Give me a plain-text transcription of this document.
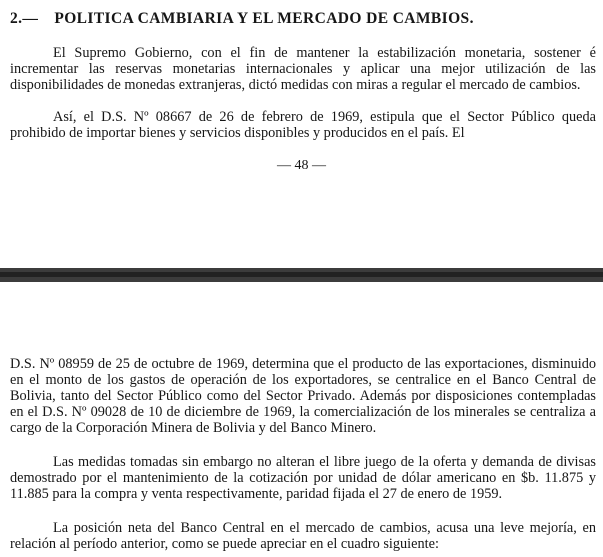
2.— POLITICA CAMBIARIA Y EL MERCADO DE CAMBIOS.

El Supremo Gobierno, con el fin de mantener la estabilización monetaria, sostener é incrementar las reservas monetarias internacionales y aplicar una mejor utilización de las disponibilidades de monedas extranjeras, dictó medidas con miras a regular el mercado de cambios.

Así, el D.S. Nº 08667 de 26 de febrero de 1969, estipula que el Sector Público queda prohibido de importar bienes y servicios disponibles y producidos en el país. El

— 48 —

D.S. Nº 08959 de 25 de octubre de 1969, determina que el producto de las exportaciones, disminuido en el monto de los gastos de operación de los exportadores, se centralice en el Banco Central de Bolivia, tanto del Sector Público como del Sector Privado. Además por disposiciones contempladas en el D.S. Nº 09028 de 10 de diciembre de 1969, la comercialización de los minerales se centraliza a cargo de la Corporación Minera de Bolivia y del Banco Minero.

Las medidas tomadas sin embargo no alteran el libre juego de la oferta y demanda de divisas demostrado por el mantenimiento de la cotización por unidad de dólar americano en $b. 11.875 y 11.885 para la compra y venta respectivamente, paridad fijada el 27 de enero de 1959.

La posición neta del Banco Central en el mercado de cambios, acusa una leve mejoría, en relación al período anterior, como se puede apreciar en el cuadro siguiente:
